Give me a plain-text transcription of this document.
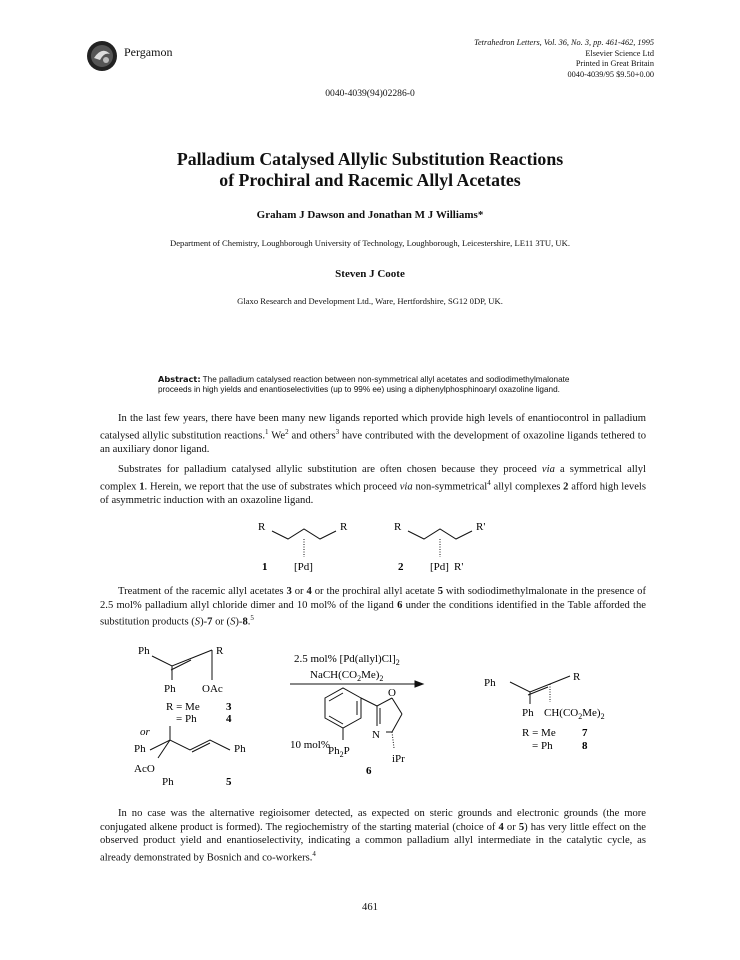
Pergamon
Tetrahedron Letters, Vol. 36, No. 3, pp. 461-462, 1995
Elsevier Science Ltd
Printed in Great Britain
0040-4039/95 $9.50+0.00
0040-4039(94)02286-0
Palladium Catalysed Allylic Substitution Reactions
of Prochiral and Racemic Allyl Acetates
Graham J Dawson and Jonathan M J Williams*
Department of Chemistry, Loughborough University of Technology, Loughborough, Leicestershire, LE11 3TU, UK.
Steven J Coote
Glaxo Research and Development Ltd., Ware, Hertfordshire, SG12 0DP, UK.
Abstract: The palladium catalysed reaction between non-symmetrical allyl acetates and sodiodimethylmalonate proceeds in high yields and enantioselectivities (up to 99% ee) using a diphenylphosphinoaryl oxazoline ligand.

In the last few years, there have been many new ligands reported which provide high levels of enantiocontrol in palladium catalysed allylic substitution reactions.$^1$ We$^2$ and others$^3$ have contributed with the development of oxazoline ligands tethered to an auxiliary donor ligand.

Substrates for palladium catalysed allylic substitution are often chosen because they proceed via a symmetrical allyl complex 1. Herein, we report that the use of substrates which proceed via non-symmetrical$^4$ allyl complexes 2 afford high levels of asymmetric induction with an oxazoline ligand.

R	R
[Pd]
1
R	R'
[Pd] R'
2

Treatment of the racemic allyl acetates 3 or 4 or the prochiral allyl acetate 5 with sodiodimethylmalonate in the presence of 2.5 mol% palladium allyl chloride dimer and 10 mol% of the ligand 6 under the conditions identified in the Table afforded the substitution products (S)-7 or (S)-8.$^5$

Ph	R
Ph OAc
R = Me 3
= Ph	4
or
Ph	Ph
AcO
Ph	5
2.5 mol% $[Pd(allyl)Cl]_2$
$NaCH(CO_2Me)_2$
10 mol%
$Ph_2P$
N
O
iPr
6
Ph	R
Ph $CH(CO_2Me)_2$
R = Me 7
= Ph	8

In no case was the alternative regioisomer detected, as expected on steric grounds and electronic grounds (the more conjugated alkene product is formed). The regiochemistry of the starting material (choice of 4 or 5) has very little effect on the observed product yield and enantioselectivity, indicating a common palladium allyl intermediate in the catalytic cycle, as already demonstrated by Bosnich and co-workers.$^4$

461
